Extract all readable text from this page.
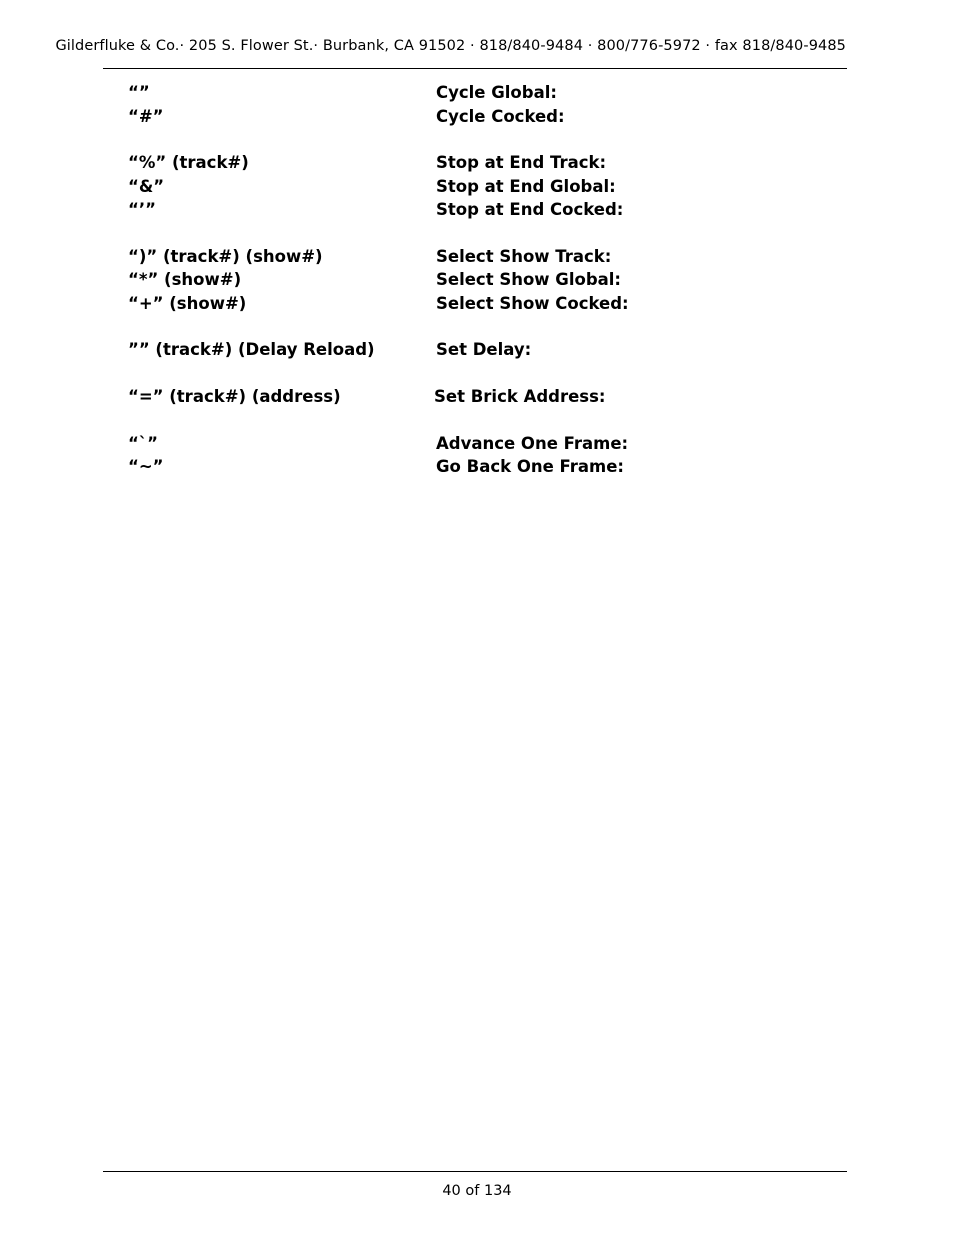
Gilderfluke & Co.· 205 S. Flower St.· Burbank, CA 91502 · 818/840-9484 · 800/776-5972 · fax 818/840-9485
“”	Cycle Global:
“#”	Cycle Cocked:
“%” (track#)	Stop at End Track:
“&”	Stop at End Global:
“’”	Stop at End Cocked:
“)” (track#) (show#)	Select Show Track:
“*” (show#)	Select Show Global:
“+” (show#)	Select Show Cocked:
”” (track#) (Delay Reload)	Set Delay:
“=” (track#) (address)	Set Brick Address:
“`”	Advance One Frame:
“~”	Go Back One Frame:
40 of 134
